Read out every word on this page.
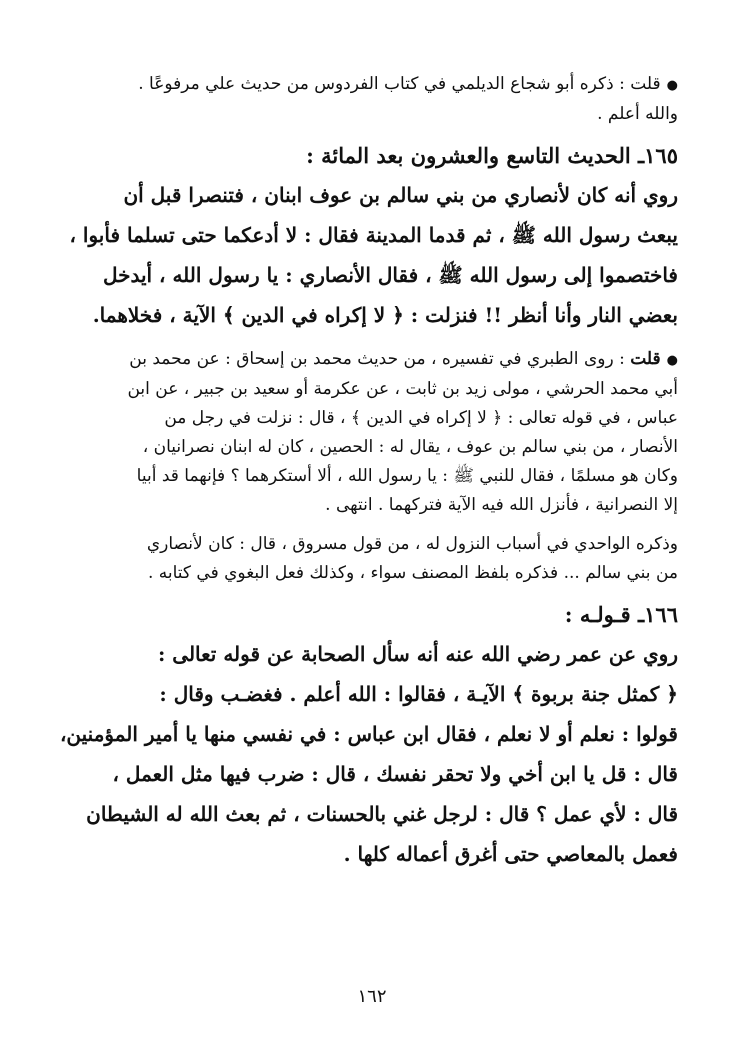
● قلت : ذكره أبو شجاع الديلمي في كتاب الفردوس من حديث علي مرفوعًا .

والله أعلم .

١٦٥ـ الحديث التاسع والعشرون بعد المائة :

روي أنه كان لأنصاري من بني سالم بن عوف ابنان ، فتنصرا قبل أن

يبعث رسول الله ﷺ ، ثم قدما المدينة فقال : لا أدعكما حتى تسلما فأبوا ،

فاختصموا إلى رسول الله ﷺ ، فقال الأنصاري : يا رسول الله ، أيدخل

بعضي النار وأنا أنظر !! فنزلت : ﴿ لا إكراه في الدين ﴾ الآية ، فخلاهما.

● قلت : روى الطبري في تفسيره ، من حديث محمد بن إسحاق : عن محمد بن

أبي محمد الحرشي ، مولى زيد بن ثابت ، عن عكرمة أو سعيد بن جبير ، عن ابن

عباس ، في قوله تعالى : ﴿ لا إكراه في الدين ﴾ ، قال : نزلت في رجل من

الأنصار ، من بني سالم بن عوف ، يقال له : الحصين ، كان له ابنان نصرانيان ،

وكان هو مسلمًا ، فقال للنبي ﷺ : يا رسول الله ، ألا أستكرهما ؟ فإنهما قد أبيا

إلا النصرانية ، فأنزل الله فيه الآية فتركهما . انتهى .

وذكره الواحدي في أسباب النزول له ، من قول مسروق ، قال : كان لأنصاري

من بني سالم ... فذكره بلفظ المصنف سواء ، وكذلك فعل البغوي في كتابه .

١٦٦ـ قـولـه :

روي عن عمر رضي الله عنه أنه سأل الصحابة عن قوله تعالى :

﴿ كمثل جنة بربوة ﴾ الآيـة ، فقالوا : الله أعلم . فغضـب وقال :

قولوا : نعلم أو لا نعلم ، فقال ابن عباس : في نفسي منها يا أمير المؤمنين،

قال : قل يا ابن أخي ولا تحقر نفسك ، قال : ضرب فيها مثل العمل ،

قال : لأي عمل ؟ قال : لرجل غني بالحسنات ، ثم بعث الله له الشيطان

فعمل بالمعاصي حتى أغرق أعماله كلها .

١٦٢
